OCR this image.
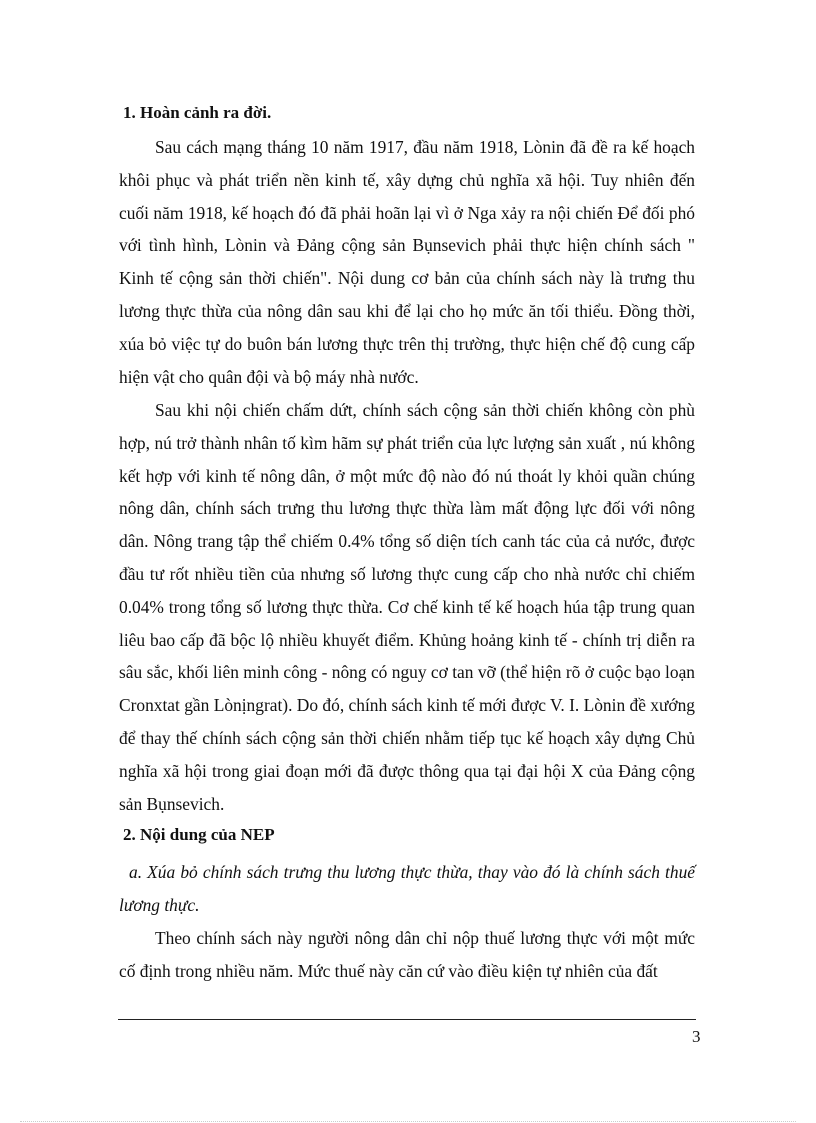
1. Hoàn cảnh ra đời.

Sau cách mạng tháng 10 năm 1917, đầu năm 1918, Lònin đã đề ra kế hoạch khôi phục và phát triển nền kinh tế, xây dựng chủ nghĩa xã hội. Tuy nhiên đến cuối năm 1918, kế hoạch đó đã phải hoãn lại vì ở Nga xảy ra nội chiến Để đối phó với tình hình, Lònin và Đảng cộng sản Bụnsevich phải thực hiện chính sách " Kinh tế cộng sản thời chiến". Nội dung cơ bản của chính sách này là trưng thu lương thực thừa của nông dân sau khi để lại cho họ mức ăn tối thiểu. Đồng thời, xúa bỏ việc tự do buôn bán lương thực trên thị trường, thực hiện chế độ cung cấp hiện vật cho quân đội và bộ máy nhà nước.

Sau khi nội chiến chấm dứt, chính sách cộng sản thời chiến không còn phù hợp, nú trở thành nhân tố kìm hãm sự phát triển của lực lượng sản xuất , nú không kết hợp với kinh tế nông dân, ở một mức độ nào đó nú thoát ly khỏi quần chúng nông dân, chính sách trưng thu lương thực thừa làm mất động lực đối với nông dân. Nông trang tập thể chiếm 0.4% tổng số diện tích canh tác của cả nước, được đầu tư rốt nhiều tiền của nhưng số lương thực cung cấp cho nhà nước chỉ chiếm 0.04% trong tổng số lương thực thừa. Cơ chế kinh tế kế hoạch húa tập trung quan liêu bao cấp đã bộc lộ nhiều khuyết điểm. Khủng hoảng kinh tế - chính trị diễn ra sâu sắc, khối liên minh công - nông có nguy cơ tan vỡ (thể hiện rõ ở cuộc bạo loạn Cronxtat gần Lònịngrat). Do đó, chính sách kinh tế mới được V. I. Lònin đề xướng để thay thế chính sách cộng sản thời chiến nhằm tiếp tục kế hoạch xây dựng Chủ nghĩa xã hội trong giai đoạn mới đã được thông qua tại đại hội X của Đảng cộng sản Bụnsevich.

2. Nội dung của NEP

a. Xúa bỏ chính sách trưng thu lương thực thừa, thay vào đó là chính sách thuế lương thực.

Theo chính sách này người nông dân chỉ nộp thuế lương thực với một mức cố định trong nhiều năm. Mức thuế này căn cứ vào điều kiện tự nhiên của đất

3
